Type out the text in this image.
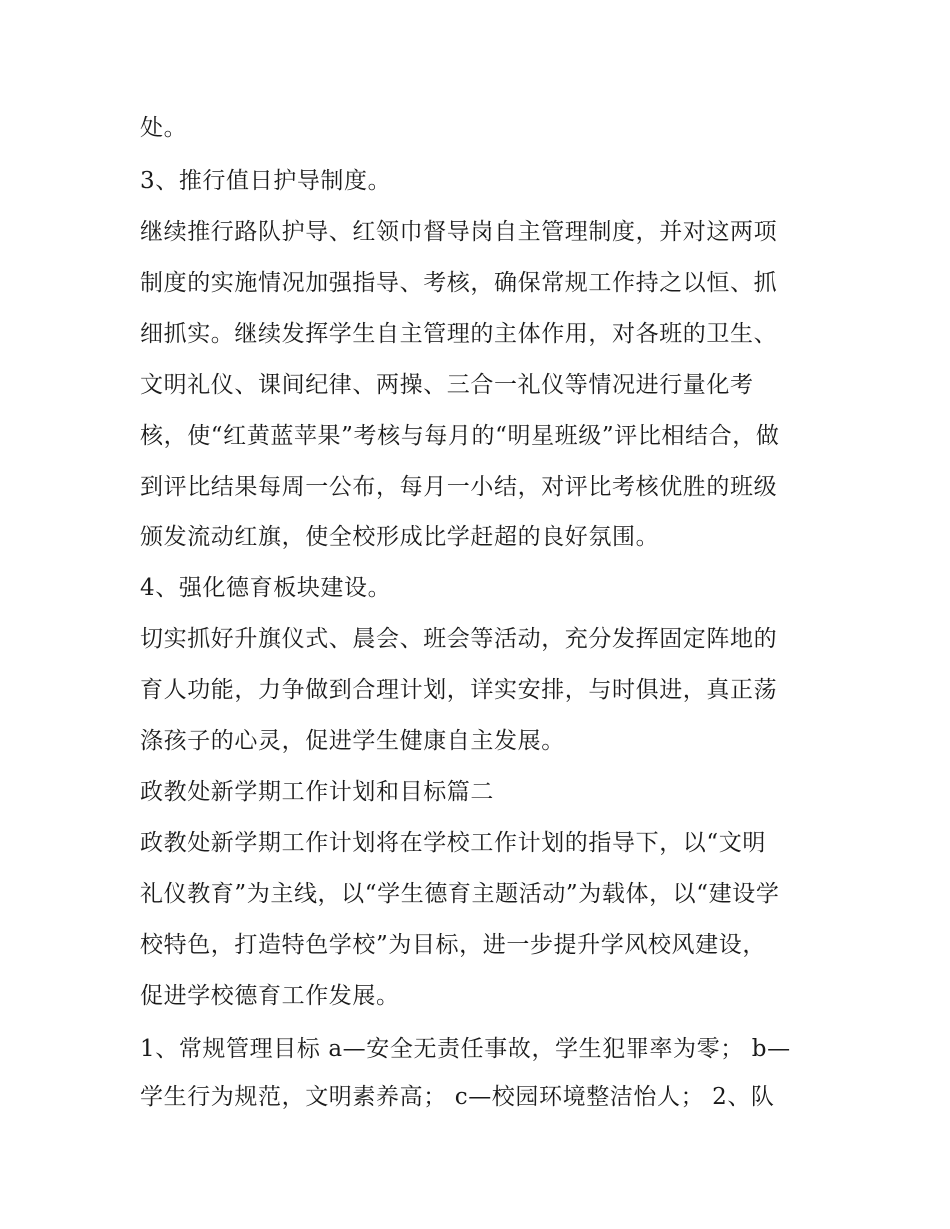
处。
3、推行值日护导制度。
继续推行路队护导、红领巾督导岗自主管理制度，并对这两项
制度的实施情况加强指导、考核，确保常规工作持之以恒、抓
细抓实。继续发挥学生自主管理的主体作用，对各班的卫生、
文明礼仪、课间纪律、两操、三合一礼仪等情况进行量化考
核，使“红黄蓝苹果”考核与每月的“明星班级”评比相结合，做
到评比结果每周一公布，每月一小结，对评比考核优胜的班级
颁发流动红旗，使全校形成比学赶超的良好氛围。
4、强化德育板块建设。
切实抓好升旗仪式、晨会、班会等活动，充分发挥固定阵地的
育人功能，力争做到合理计划，详实安排，与时俱进，真正荡
涤孩子的心灵，促进学生健康自主发展。
政教处新学期工作计划和目标篇二
政教处新学期工作计划将在学校工作计划的指导下，以“文明
礼仪教育”为主线，以“学生德育主题活动”为载体，以“建设学
校特色，打造特色学校”为目标，进一步提升学风校风建设，
促进学校德育工作发展。
1、常规管理目标 a—安全无责任事故，学生犯罪率为零； b—
学生行为规范，文明素养高； c—校园环境整洁怡人； 2、队
